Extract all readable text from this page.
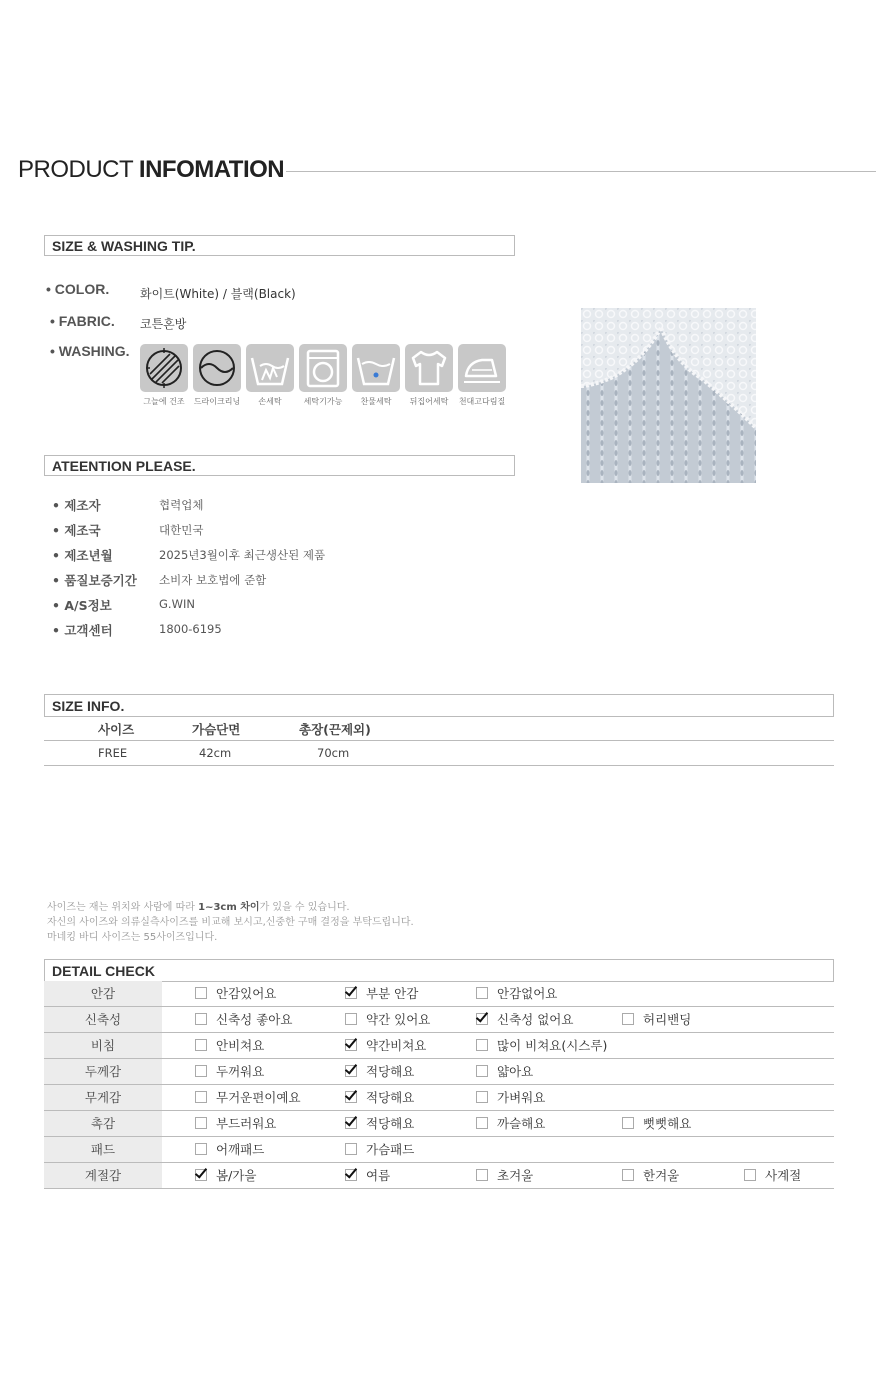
PRODUCT INFOMATION
SIZE & WASHING TIP.
• COLOR.	화이트(White) / 블랙(Black)
• FABRIC. 코튼혼방
• WASHING.
그늘에 건조	드라이크리닝	손세탁	세탁기가능	찬물세탁	뒤집어세탁	천대고다림질
ATEENTION PLEASE.
• 제조자	협력업체
• 제조국	대한민국
• 제조년월	2025년3월이후 최근생산된 제품
• 품질보증기간 소비자 보호법에 준함
• A/S정보	G.WIN
• 고객센터	1800-6195
SIZE INFO.
사이즈	가슴단면	총장(끈제외)
FREE	42cm	70cm
사이즈는 재는 위치와 사람에 따라 1~3cm 차이가 있을 수 있습니다.
자신의 사이즈와 의류실측사이즈를 비교해 보시고,신중한 구매 결정을 부탁드립니다.
마네킹 바디 사이즈는 55사이즈입니다.
DETAIL CHECK
안감	안감있어요	부분 안감	안감없어요
신축성	신축성 좋아요	약간 있어요	신축성 없어요	허리밴딩
비침	안비쳐요	약간비쳐요	많이 비쳐요(시스루)
두께감	두꺼워요	적당해요	얇아요
무게감	무거운편이예요	적당해요	가벼워요
촉감	부드러워요	적당해요	까슬해요	뻣뻣해요
패드	어깨패드	가슴패드
계절감	봄/가을	여름	초겨울	한겨울	사계절
